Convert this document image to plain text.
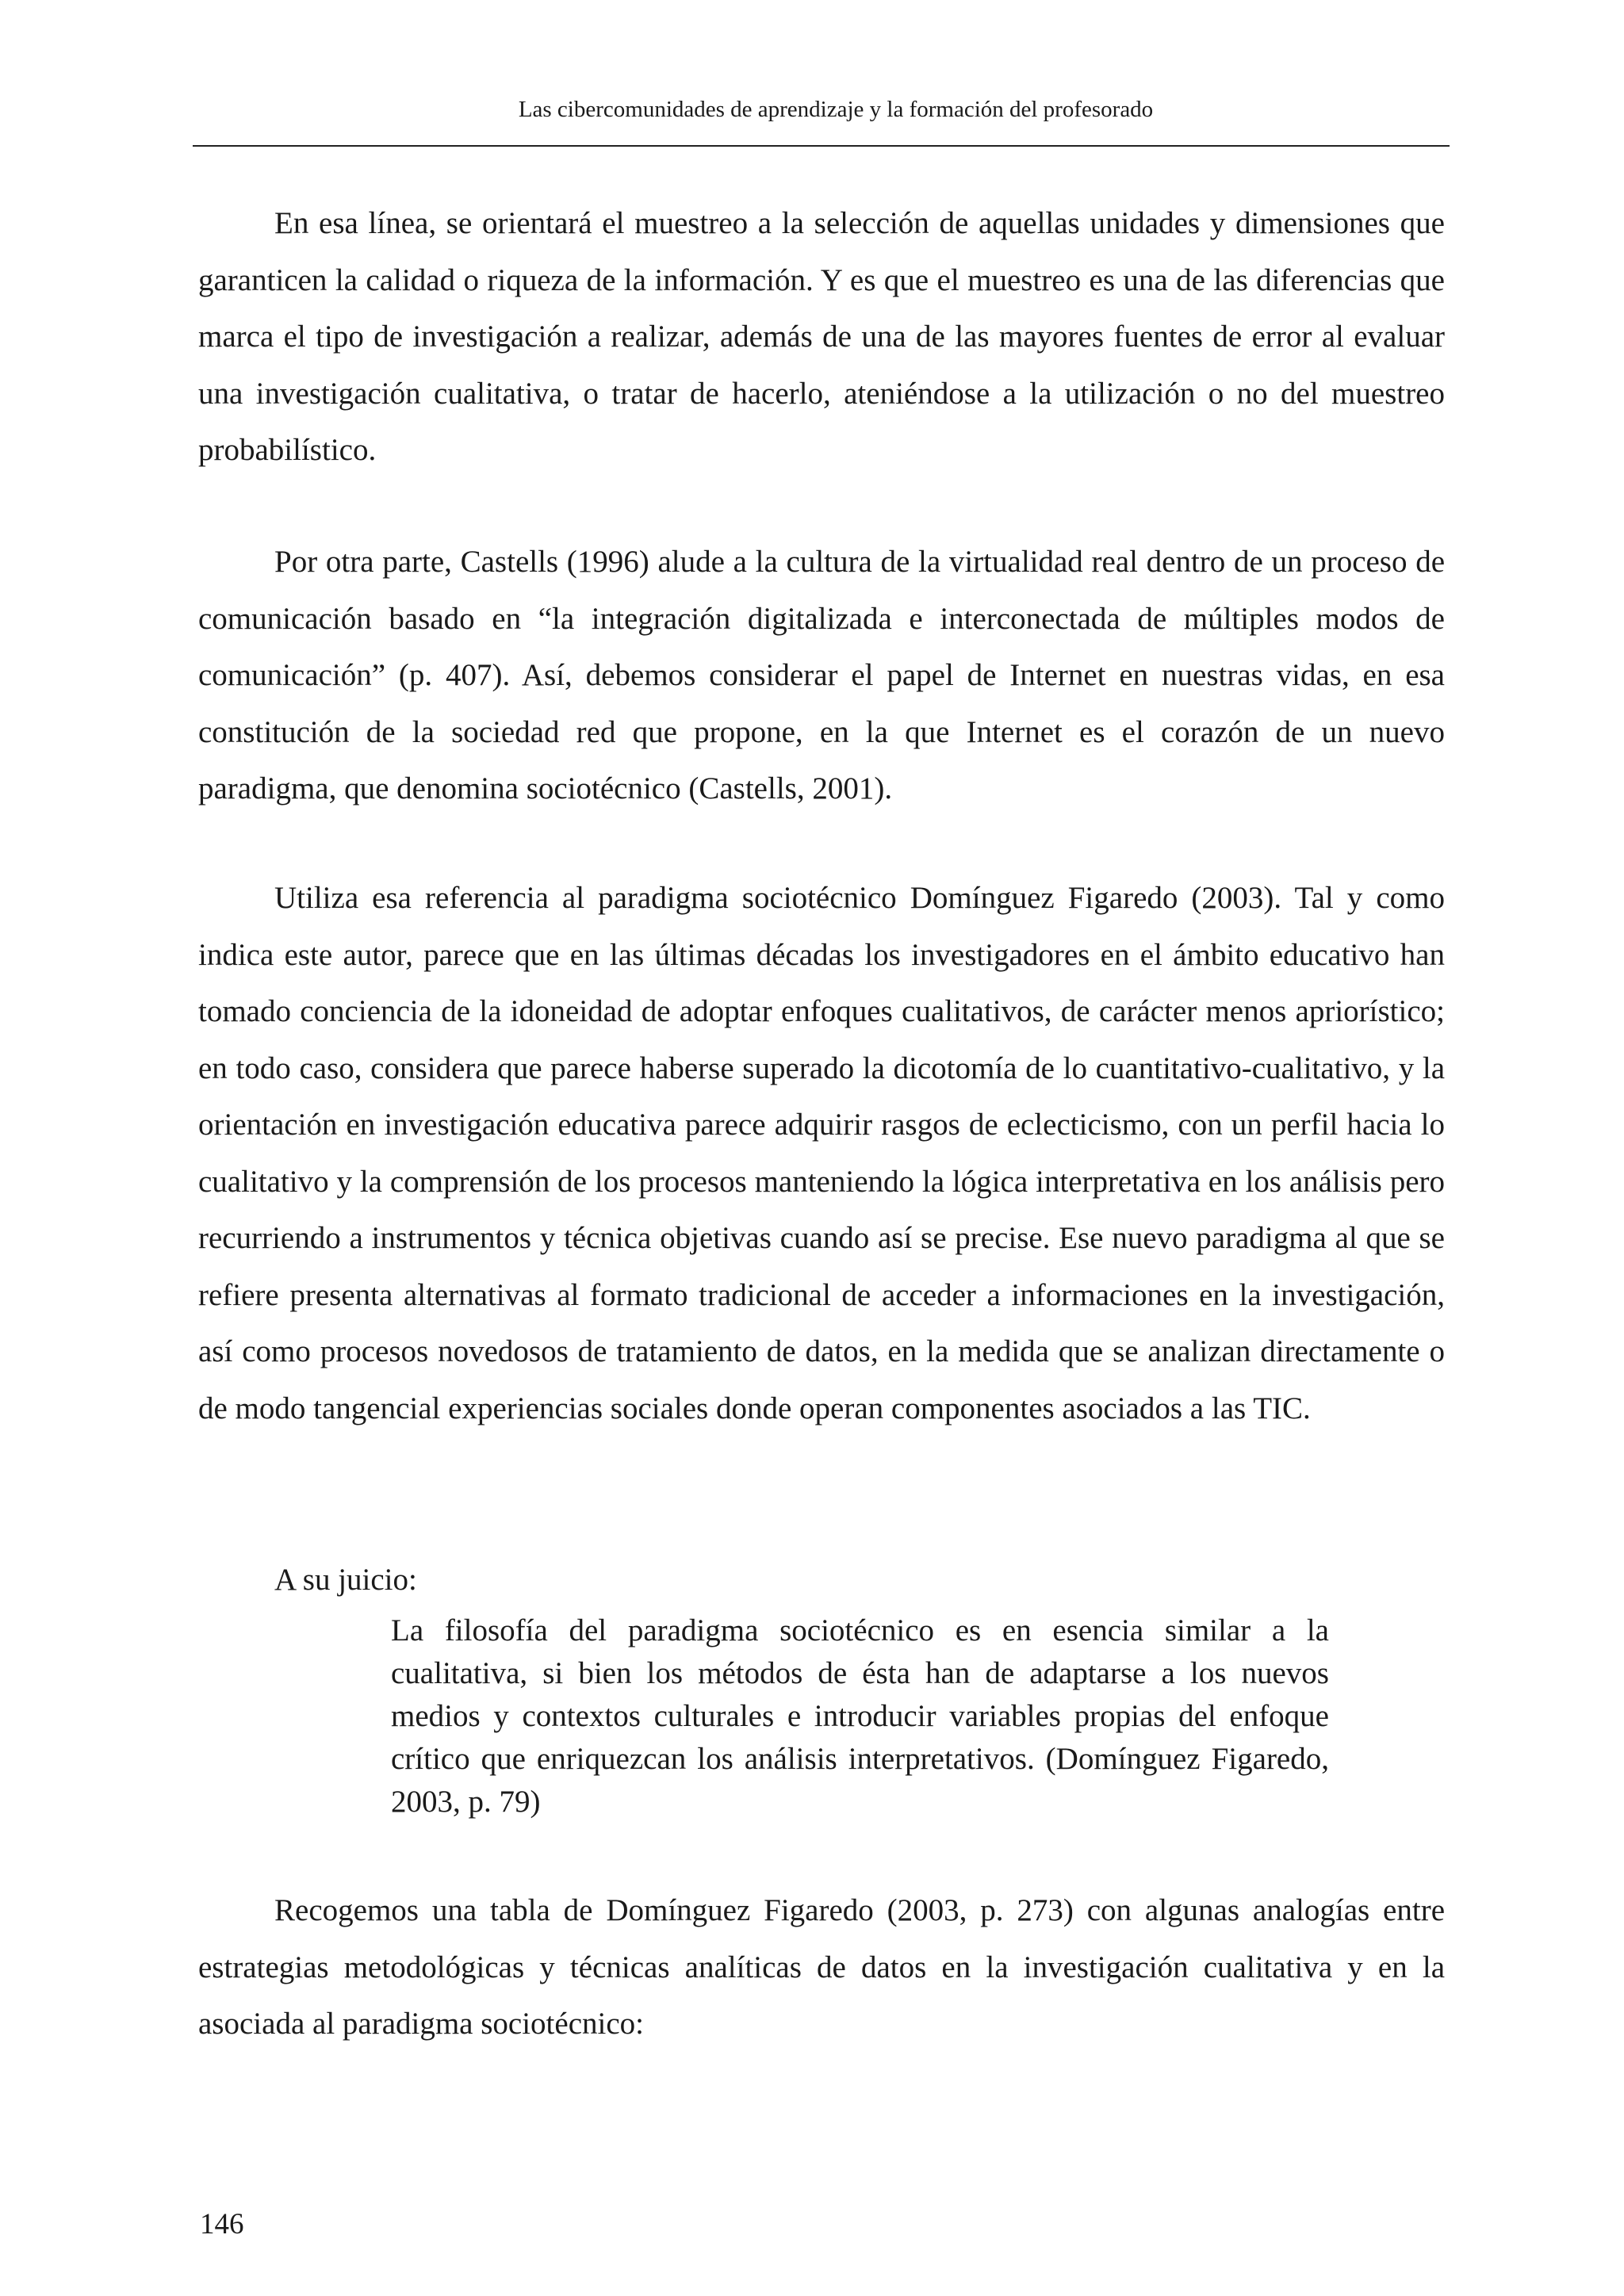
Las cibercomunidades de aprendizaje y la formación del profesorado

En esa línea, se orientará el muestreo a la selección de aquellas unidades y dimensiones que garanticen la calidad o riqueza de la información. Y es que el muestreo es una de las diferencias que marca el tipo de investigación a realizar, además de una de las mayores fuentes de error al evaluar una investigación cualitativa, o tratar de hacerlo, ateniéndose a la utilización o no del muestreo probabilístico.

Por otra parte, Castells (1996) alude a la cultura de la virtualidad real dentro de un proceso de comunicación basado en “la integración digitalizada e interconectada de múltiples modos de comunicación” (p. 407). Así, debemos considerar el papel de Internet en nuestras vidas, en esa constitución de la sociedad red que propone, en la que Internet es el corazón de un nuevo paradigma, que denomina sociotécnico (Castells, 2001).

Utiliza esa referencia al paradigma sociotécnico Domínguez Figaredo (2003). Tal y como indica este autor, parece que en las últimas décadas los investigadores en el ámbito educativo han tomado conciencia de la idoneidad de adoptar enfoques cualitativos, de carácter menos apriorístico; en todo caso, considera que parece haberse superado la dicotomía de lo cuantitativo-cualitativo, y la orientación en investigación educativa parece adquirir rasgos de eclecticismo, con un perfil hacia lo cualitativo y la comprensión de los procesos manteniendo la lógica interpretativa en los análisis pero recurriendo a instrumentos y técnica objetivas cuando así se precise. Ese nuevo paradigma al que se refiere presenta alternativas al formato tradicional de acceder a informaciones en la investigación, así como procesos novedosos de tratamiento de datos, en la medida que se analizan directamente o de modo tangencial experiencias sociales donde operan componentes asociados a las TIC.

A su juicio:

La filosofía del paradigma sociotécnico es en esencia similar a la cualitativa, si bien los métodos de ésta han de adaptarse a los nuevos medios y contextos culturales e introducir variables propias del enfoque crítico que enriquezcan los análisis interpretativos. (Domínguez Figaredo, 2003, p. 79)

Recogemos una tabla de Domínguez Figaredo (2003, p. 273) con algunas analogías entre estrategias metodológicas y técnicas analíticas de datos en la investigación cualitativa y en la asociada al paradigma sociotécnico:

146
